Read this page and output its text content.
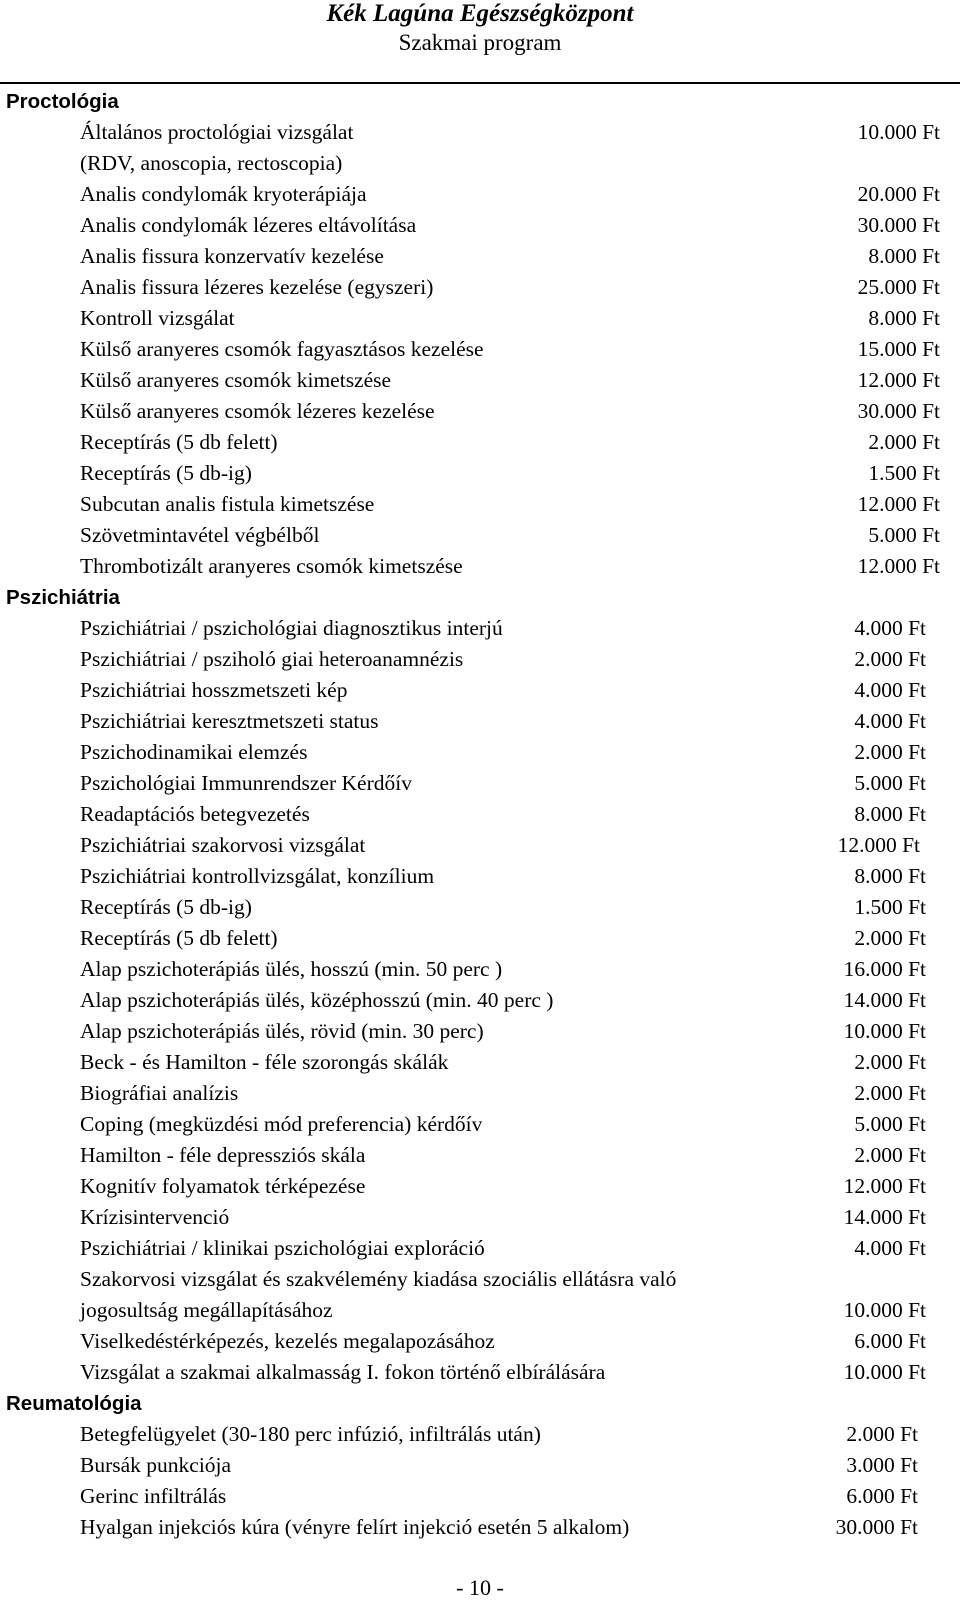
Kék Lagúna Egészségközpont
Szakmai program
Proctológia
Általános proctológiai vizsgálat	10.000 Ft
(RDV, anoscopia, rectoscopia)
Analis condylomák kryoterápiája	20.000 Ft
Analis condylomák lézeres eltávolítása	30.000 Ft
Analis fissura konzervatív kezelése	8.000 Ft
Analis fissura lézeres kezelése (egyszeri)	25.000 Ft
Kontroll vizsgálat	8.000 Ft
Külső aranyeres csomók fagyasztásos kezelése	15.000 Ft
Külső aranyeres csomók kimetszése	12.000 Ft
Külső aranyeres csomók lézeres kezelése	30.000 Ft
Receptírás (5 db felett)	2.000 Ft
Receptírás (5 db-ig)	1.500 Ft
Subcutan analis fistula kimetszése	12.000 Ft
Szövetmintavétel végbélből	5.000 Ft
Thrombotizált aranyeres csomók kimetszése	12.000 Ft
Pszichiátria
Pszichiátriai / pszichológiai diagnosztikus interjú	4.000 Ft
Pszichiátriai / psziholó giai heteroanamnézis	2.000 Ft
Pszichiátriai hosszmetszeti kép	4.000 Ft
Pszichiátriai keresztmetszeti status	4.000 Ft
Pszichodinamikai elemzés	2.000 Ft
Pszichológiai Immunrendszer Kérdőív	5.000 Ft
Readaptációs betegvezetés	8.000 Ft
Pszichiátriai szakorvosi vizsgálat	12.000 Ft
Pszichiátriai kontrollvizsgálat, konzílium	8.000 Ft
Receptírás (5 db-ig)	1.500 Ft
Receptírás (5 db felett)	2.000 Ft
Alap pszichoterápiás ülés, hosszú (min. 50 perc )	16.000 Ft
Alap pszichoterápiás ülés, középhosszú (min. 40 perc )	14.000 Ft
Alap pszichoterápiás ülés, rövid (min. 30 perc)	10.000 Ft
Beck - és Hamilton - féle szorongás skálák	2.000 Ft
Biográfiai analízis	2.000 Ft
Coping (megküzdési mód preferencia) kérdőív	5.000 Ft
Hamilton - féle depressziós skála	2.000 Ft
Kognitív folyamatok térképezése	12.000 Ft
Krízisintervenció	14.000 Ft
Pszichiátriai / klinikai pszichológiai exploráció	4.000 Ft
Szakorvosi vizsgálat és szakvélemény kiadása szociális ellátásra való
jogosultság megállapításához	10.000 Ft
Viselkedéstérképezés, kezelés megalapozásához	6.000 Ft
Vizsgálat a szakmai alkalmasság I. fokon történő elbírálására	10.000 Ft
Reumatológia
Betegfelügyelet (30-180 perc infúzió, infiltrálás után)	2.000 Ft
Bursák punkciója	3.000 Ft
Gerinc infiltrálás	6.000 Ft
Hyalgan injekciós kúra (vényre felírt injekció esetén 5 alkalom)	30.000 Ft
- 10 -
